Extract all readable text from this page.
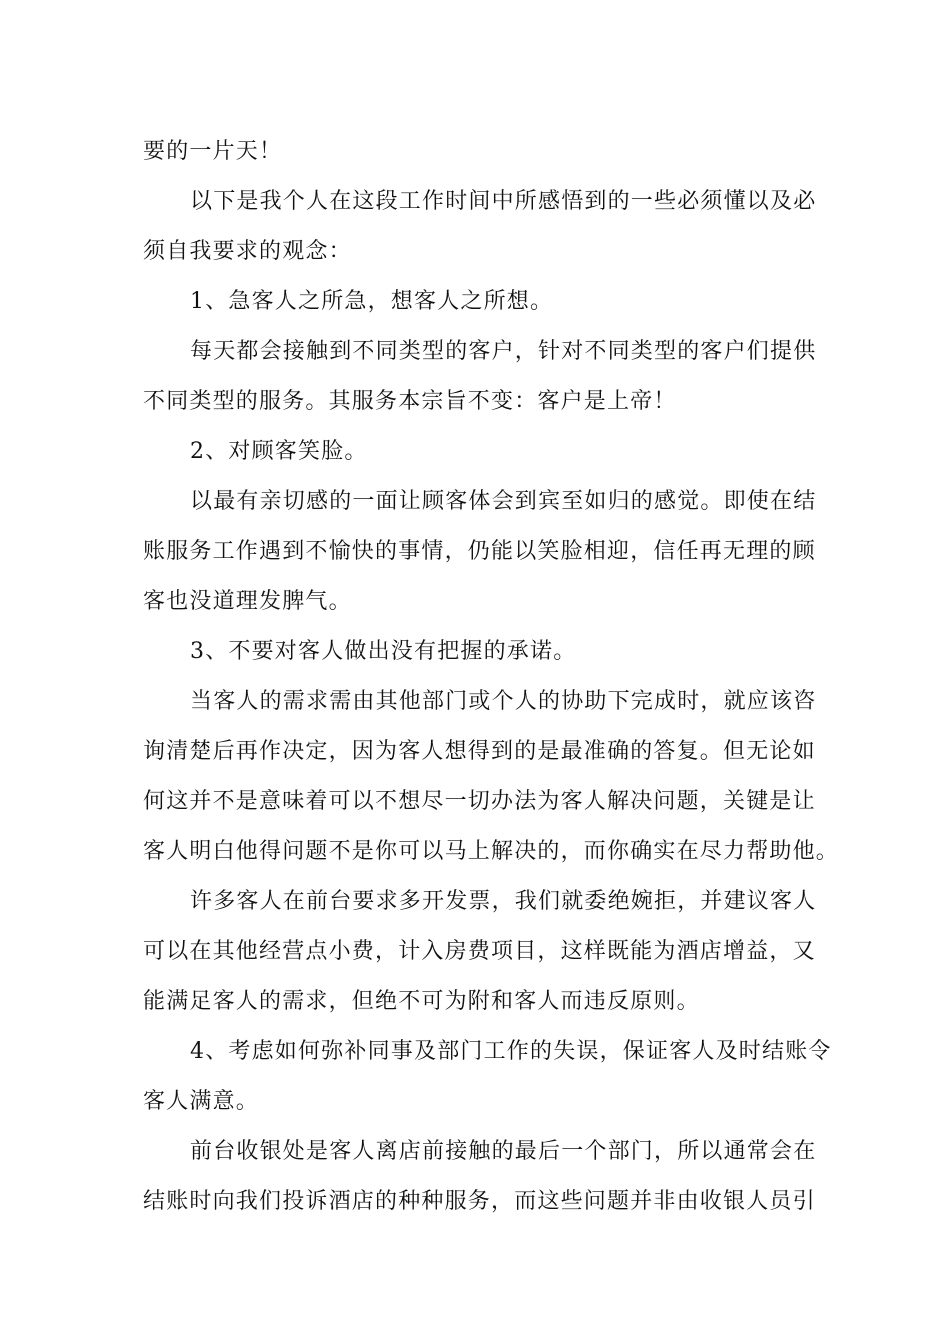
要的一片天！
以下是我个人在这段工作时间中所感悟到的一些必须懂以及必
须自我要求的观念：
1、急客人之所急，想客人之所想。
每天都会接触到不同类型的客户，针对不同类型的客户们提供
不同类型的服务。其服务本宗旨不变：客户是上帝！
2、对顾客笑脸。
以最有亲切感的一面让顾客体会到宾至如归的感觉。即使在结
账服务工作遇到不愉快的事情，仍能以笑脸相迎，信任再无理的顾
客也没道理发脾气。
3、不要对客人做出没有把握的承诺。
当客人的需求需由其他部门或个人的协助下完成时，就应该咨
询清楚后再作决定，因为客人想得到的是最准确的答复。但无论如
何这并不是意味着可以不想尽一切办法为客人解决问题，关键是让
客人明白他得问题不是你可以马上解决的，而你确实在尽力帮助他。
许多客人在前台要求多开发票，我们就委绝婉拒，并建议客人
可以在其他经营点小费，计入房费项目，这样既能为酒店增益，又
能满足客人的需求，但绝不可为附和客人而违反原则。
4、考虑如何弥补同事及部门工作的失误，保证客人及时结账令
客人满意。
前台收银处是客人离店前接触的最后一个部门，所以通常会在
结账时向我们投诉酒店的种种服务，而这些问题并非由收银人员引
